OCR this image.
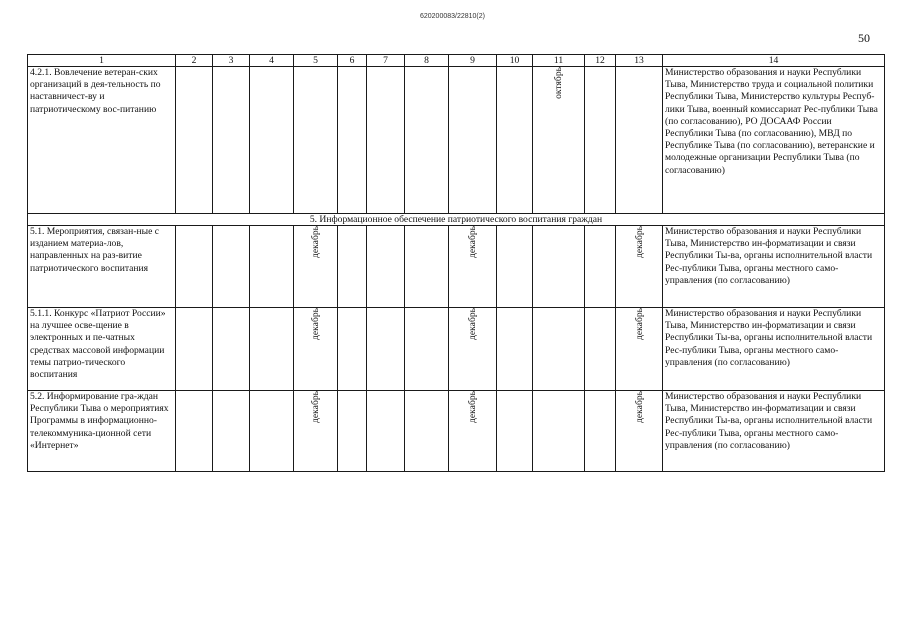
620200083/22810(2)
50
1	2	3	4	5	6	7	8	9	10	11	12	13	14
4.2.1. Вовлечение ветеран-ских организаций в дея-тельность по наставничест-ву и патриотическому вос-питанию										октябрь			Министерство образования и науки Республики Тыва, Министерство труда и социальной политики Республики Тыва, Министерство культуры Респуб-лики Тыва, военный комиссариат Рес-публики Тыва (по согласованию), РО ДОСААФ России Республики Тыва (по согласованию), МВД по Республике Тыва (по согласованию), ветеранские и молодежные организации Республики Тыва (по согласованию)
5. Информационное обеспечение патриотического воспитания граждан													
5.1. Мероприятия, связан-ные с изданием материа-лов, направленных на раз-витие патриотического воспитания				декабрь				декабрь				декабрь	Министерство образования и науки Республики Тыва, Министерство ин-форматизации и связи Республики Ты-ва, органы исполнительной власти Рес-публики Тыва, органы местного само-управления (по согласованию)
5.1.1. Конкурс «Патриот России» на лучшее осве-щение в электронных и пе-чатных средствах массовой информации темы патрио-тического воспитания				декабрь				декабрь				декабрь	Министерство образования и науки Республики Тыва, Министерство ин-форматизации и связи Республики Ты-ва, органы исполнительной власти Рес-публики Тыва, органы местного само-управления (по согласованию)
5.2. Информирование гра-ждан Республики Тыва о мероприятиях Программы в информационно-телекоммуника-ционной сети «Интернет»				декабрь				декабрь				декабрь	Министерство образования и науки Республики Тыва, Министерство ин-форматизации и связи Республики Ты-ва, органы исполнительной власти Рес-публики Тыва, органы местного само-управления (по согласованию)
